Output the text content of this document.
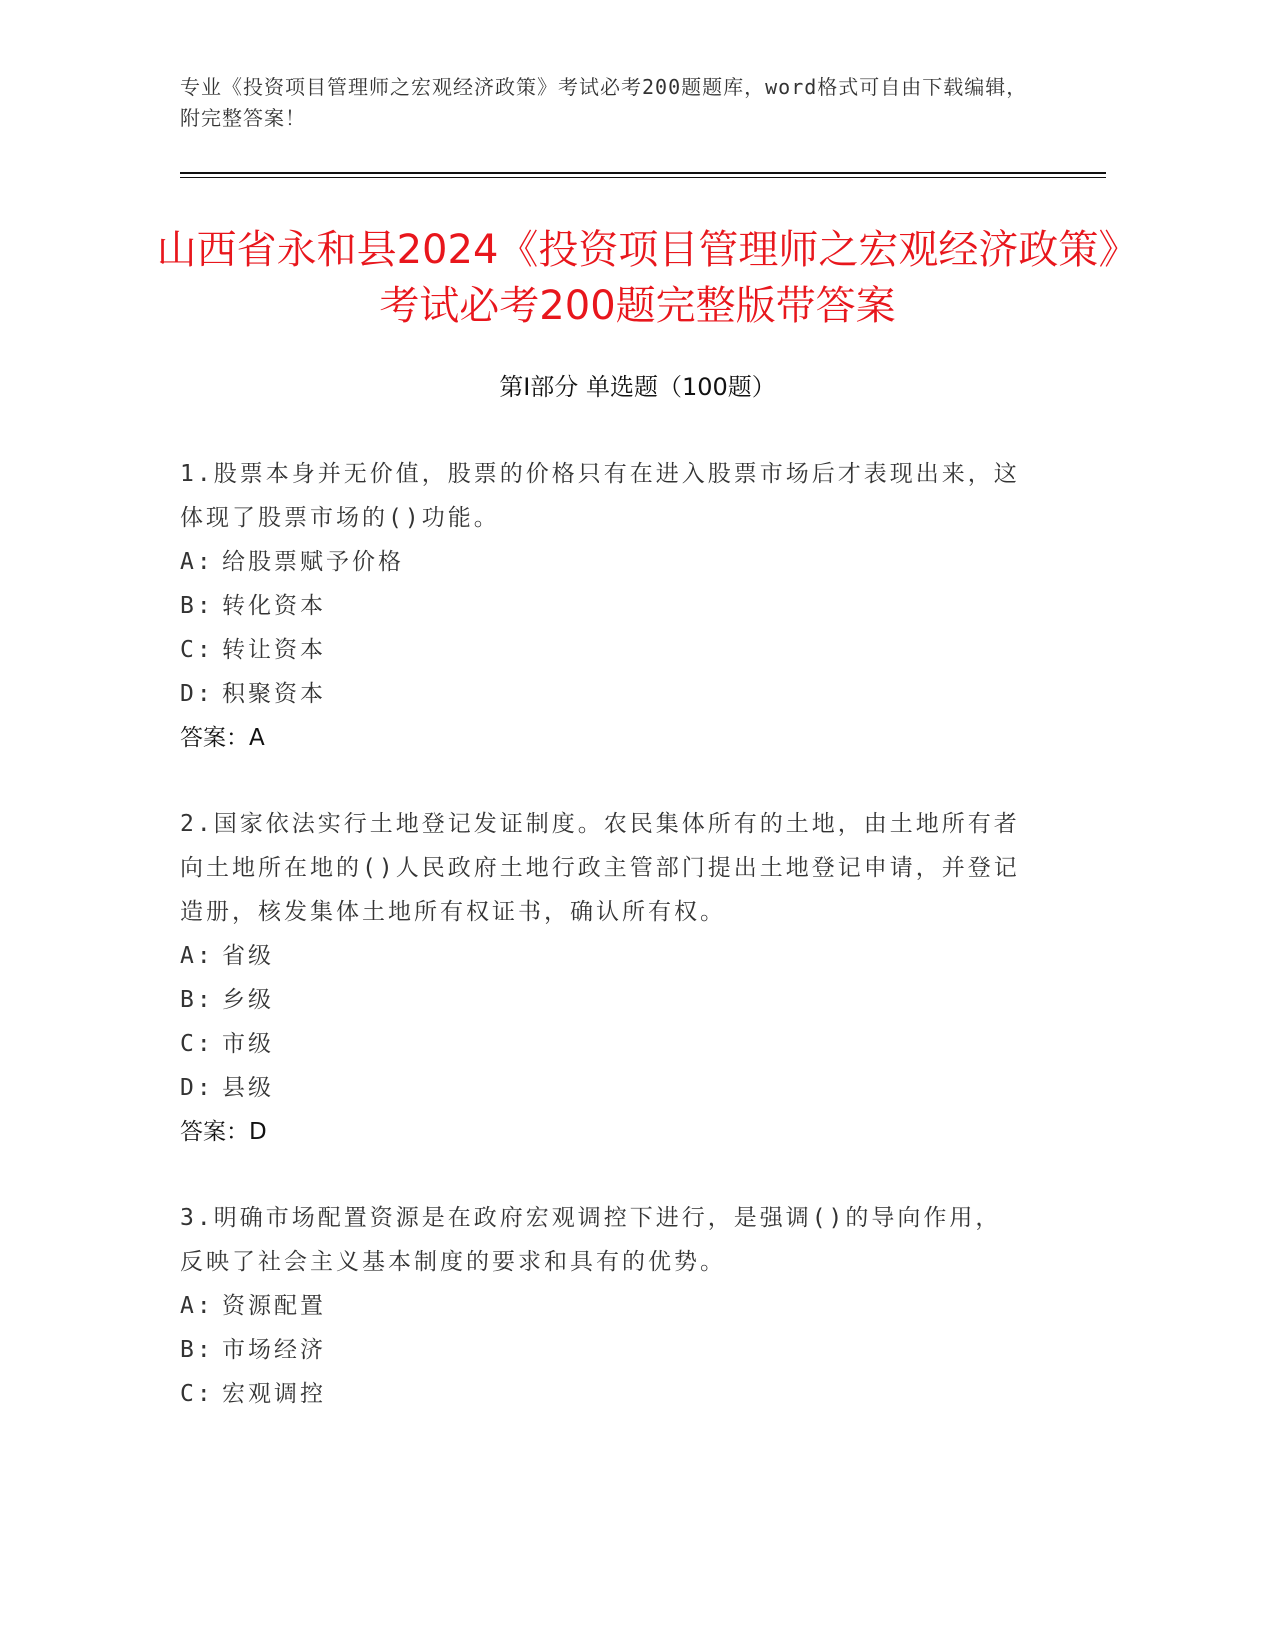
专业《投资项目管理师之宏观经济政策》考试必考200题题库，word格式可自由下载编辑，附完整答案！
山西省永和县2024《投资项目管理师之宏观经济政策》考试必考200题完整版带答案
第Ⅰ部分 单选题（100题）

1.股票本身并无价值，股票的价格只有在进入股票市场后才表现出来，这体现了股票市场的()功能。

A: 给股票赋予价格

B: 转化资本

C: 转让资本

D: 积聚资本

答案：A

2.国家依法实行土地登记发证制度。农民集体所有的土地，由土地所有者向土地所在地的()人民政府土地行政主管部门提出土地登记申请，并登记造册，核发集体土地所有权证书，确认所有权。

A: 省级

B: 乡级

C: 市级

D: 县级

答案：D

3.明确市场配置资源是在政府宏观调控下进行，是强调()的导向作用，反映了社会主义基本制度的要求和具有的优势。

A: 资源配置

B: 市场经济

C: 宏观调控
